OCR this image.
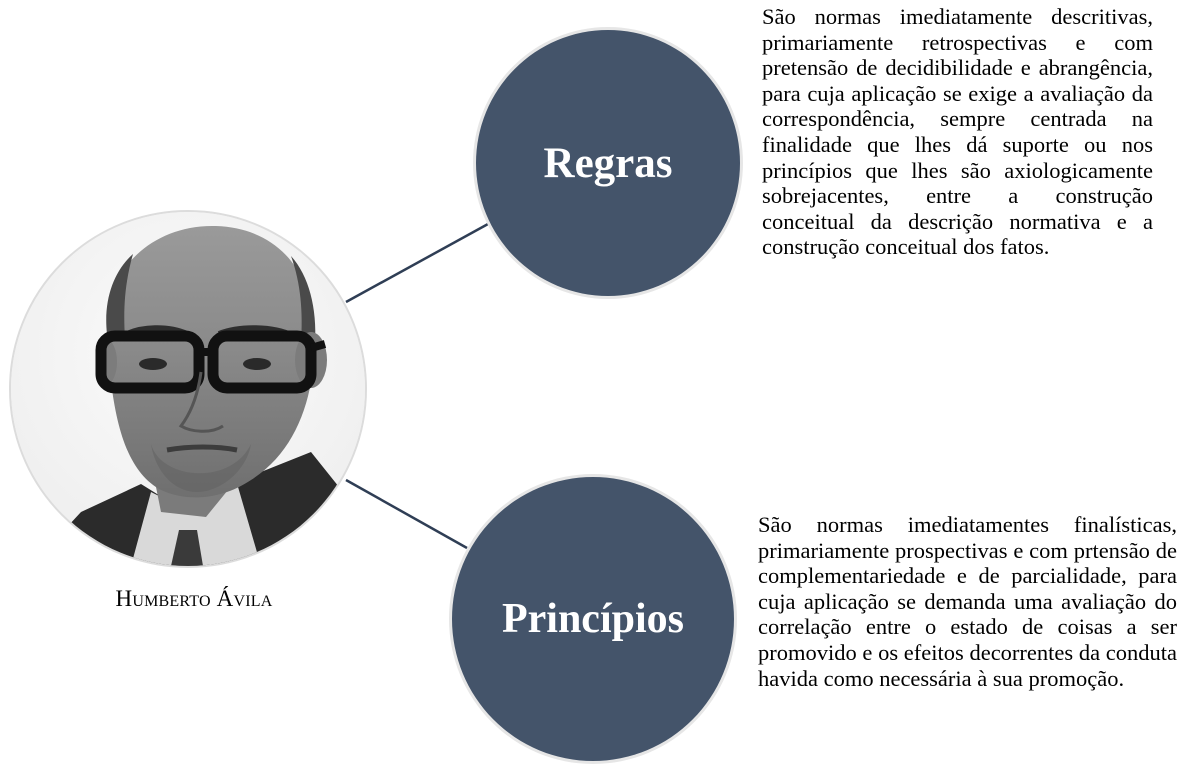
Humberto Ávila
Regras
São normas imediatamente descritivas, primariamente retrospectivas e com pretensão de decidibilidade e abrangência, para cuja aplicação se exige a avaliação da correspondência, sempre centrada na finalidade que lhes dá suporte ou nos princípios que lhes são axiologicamente sobrejacentes, entre a construção conceitual da descrição normativa e a construção conceitual dos fatos.
Princípios
São normas imediatamentes finalísticas, primariamente prospectivas e com prtensão de complementariedade e de parcialidade, para cuja aplicação se demanda uma avaliação do correlação entre o estado de coisas a ser promovido e os efeitos decorrentes da conduta havida como necessária à sua promoção.
